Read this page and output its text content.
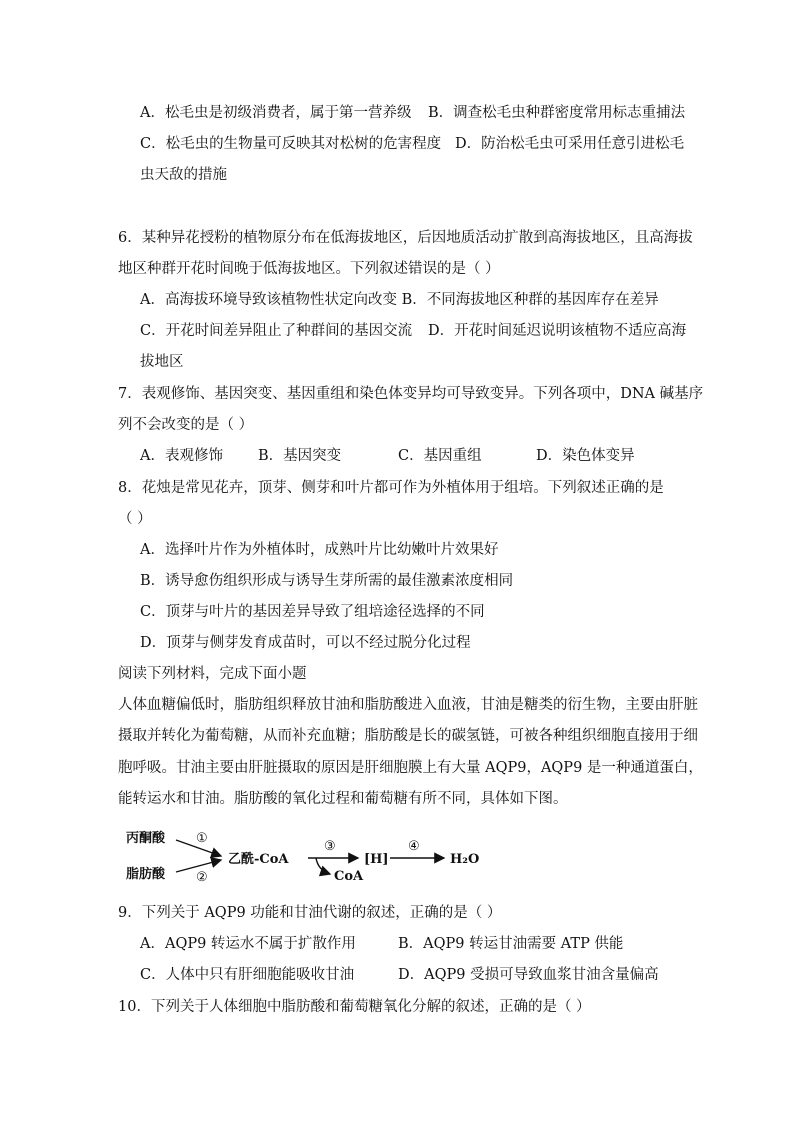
A．松毛虫是初级消费者，属于第一营养级 B．调查松毛虫种群密度常用标志重捕法
C．松毛虫的生物量可反映其对松树的危害程度 D．防治松毛虫可采用任意引进松毛
虫天敌的措施
6．某种异花授粉的植物原分布在低海拔地区，后因地质活动扩散到高海拔地区，且高海拔
地区种群开花时间晚于低海拔地区。下列叙述错误的是（ ）
A．高海拔环境导致该植物性状定向改变 B．不同海拔地区种群的基因库存在差异
C．开花时间差异阻止了种群间的基因交流 D．开花时间延迟说明该植物不适应高海
拔地区
7．表观修饰、基因突变、基因重组和染色体变异均可导致变异。下列各项中，DNA 碱基序
列不会改变的是（ ）
A．表观修饰 B．基因突变	C．基因重组	D．染色体变异
8．花烛是常见花卉，顶芽、侧芽和叶片都可作为外植体用于组培。下列叙述正确的是
（ ）
A．选择叶片作为外植体时，成熟叶片比幼嫩叶片效果好
B．诱导愈伤组织形成与诱导生芽所需的最佳激素浓度相同
C．顶芽与叶片的基因差异导致了组培途径选择的不同
D．顶芽与侧芽发育成苗时，可以不经过脱分化过程
阅读下列材料，完成下面小题
人体血糖偏低时，脂肪组织释放甘油和脂肪酸进入血液，甘油是糖类的衍生物，主要由肝脏
摄取并转化为葡萄糖，从而补充血糖；脂肪酸是长的碳氢链，可被各种组织细胞直接用于细
胞呼吸。甘油主要由肝脏摄取的原因是肝细胞膜上有大量 AQP9，AQP9 是一种通道蛋白，
能转运水和甘油。脂肪酸的氧化过程和葡萄糖有所不同，具体如下图。
丙酮酸
脂肪酸
①
②
乙酰-CoA
③
CoA
[H]
④
H₂O
9．下列关于 AQP9 功能和甘油代谢的叙述，正确的是（ ）
A．AQP9 转运水不属于扩散作用	B．AQP9 转运甘油需要 ATP 供能
C．人体中只有肝细胞能吸收甘油	D．AQP9 受损可导致血浆甘油含量偏高
10．下列关于人体细胞中脂肪酸和葡萄糖氧化分解的叙述，正确的是（ ）
